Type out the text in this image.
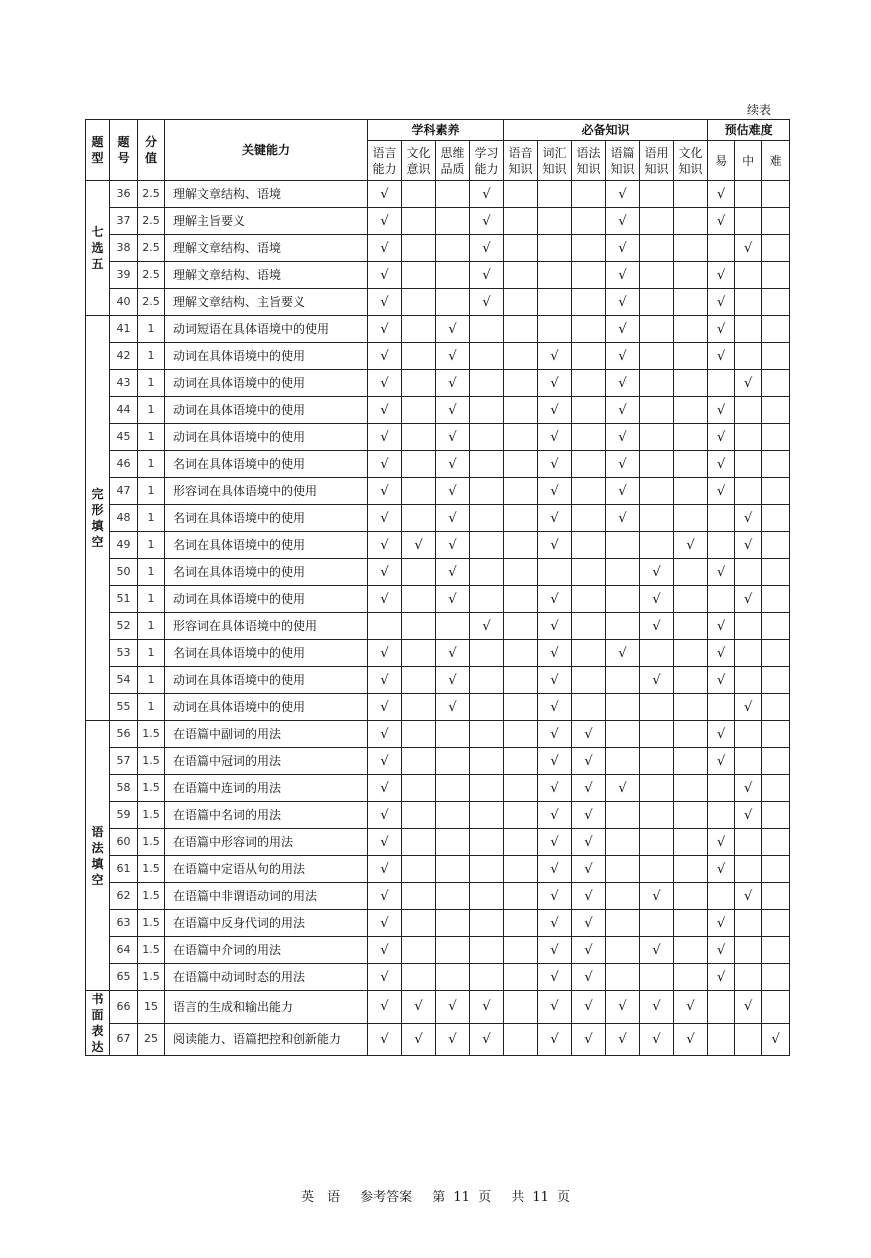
续表
题型	题号	分值	关键能力	学科素养				必备知识						预估难度		
				语言能力	文化意识	思维品质	学习能力	语音知识	词汇知识	语法知识	语篇知识	语用知识	文化知识	易	中	难

七选五	36	2.5	理解文章结构、语境	√			√				√			√		
	37	2.5	理解主旨要义	√			√				√			√		
	38	2.5	理解文章结构、语境	√			√				√				√	
	39	2.5	理解文章结构、语境	√			√				√			√		
	40	2.5	理解文章结构、主旨要义	√			√				√			√		

完形填空	41	1	动词短语在具体语境中的使用	√		√					√			√		
	42	1	动词在具体语境中的使用	√		√			√		√			√		
	43	1	动词在具体语境中的使用	√		√			√		√				√	
	44	1	动词在具体语境中的使用	√		√			√		√			√		
	45	1	动词在具体语境中的使用	√		√			√		√			√		
	46	1	名词在具体语境中的使用	√		√			√		√			√		
	47	1	形容词在具体语境中的使用	√		√			√		√			√		
	48	1	名词在具体语境中的使用	√		√			√		√				√	
	49	1	名词在具体语境中的使用	√	√	√			√				√		√	
	50	1	名词在具体语境中的使用	√		√						√		√		
	51	1	动词在具体语境中的使用	√		√			√			√			√	
	52	1	形容词在具体语境中的使用				√		√			√		√		
	53	1	名词在具体语境中的使用	√		√			√		√			√		
	54	1	动词在具体语境中的使用	√		√			√			√		√		
	55	1	动词在具体语境中的使用	√		√			√						√	

语法填空	56	1.5	在语篇中副词的用法	√					√	√				√		
	57	1.5	在语篇中冠词的用法	√					√	√				√		
	58	1.5	在语篇中连词的用法	√					√	√	√				√	
	59	1.5	在语篇中名词的用法	√					√	√					√	
	60	1.5	在语篇中形容词的用法	√					√	√				√		
	61	1.5	在语篇中定语从句的用法	√					√	√				√		
	62	1.5	在语篇中非谓语动词的用法	√					√	√		√			√	
	63	1.5	在语篇中反身代词的用法	√					√	√				√		
	64	1.5	在语篇中介词的用法	√					√	√		√		√		
	65	1.5	在语篇中动词时态的用法	√					√	√				√		

书面表达	66	15	语言的生成和输出能力	√	√	√	√		√	√	√	√	√		√	
	67	25	阅读能力、语篇把控和创新能力	√	√	√	√		√	√	√	√	√			√
英　语 参考答案 第 11 页 共 11 页
